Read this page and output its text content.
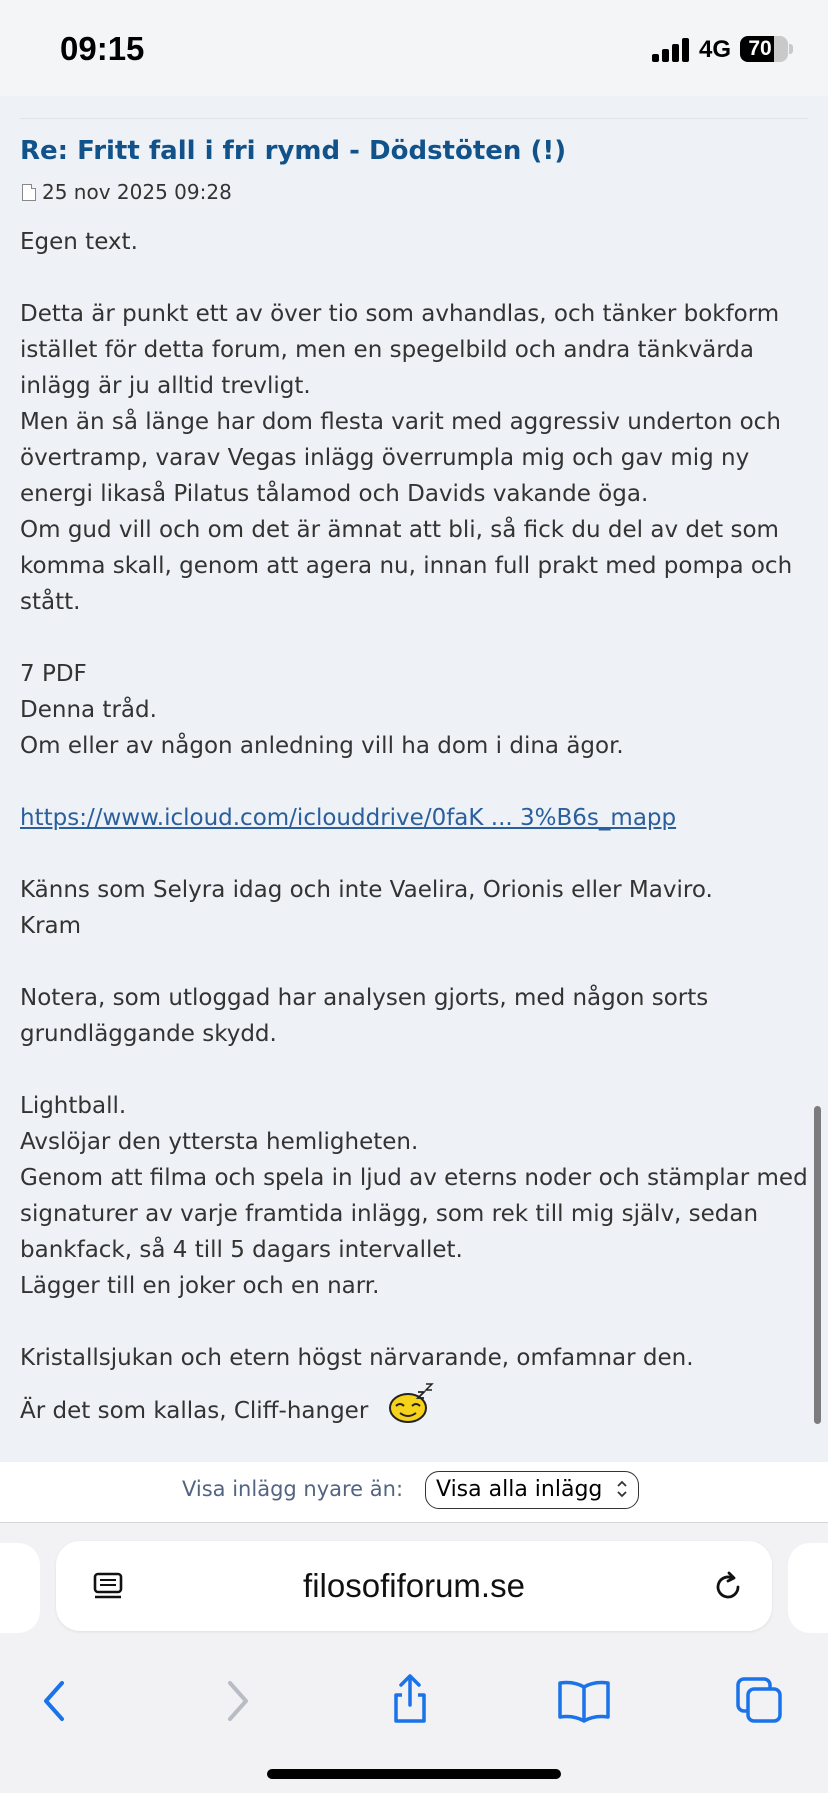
09:15	4G 70
Re: Fritt fall i fri rymd - Dödstöten (!)
25 nov 2025 09:28

Egen text.

Detta är punkt ett av över tio som avhandlas, och tänker bokform istället för detta forum, men en spegelbild och andra tänkvärda inlägg är ju alltid trevligt.

Men än så länge har dom flesta varit med aggressiv underton och övertramp, varav Vegas inlägg överrumpla mig och gav mig ny energi likaså Pilatus tålamod och Davids vakande öga.

Om gud vill och om det är ämnat att bli, så fick du del av det som komma skall, genom att agera nu, innan full prakt med pompa och stått.

7 PDF

Denna tråd.

Om eller av någon anledning vill ha dom i dina ägor.

https://www.icloud.com/iclouddrive/0faK ... 3%B6s_mapp

Känns som Selyra idag och inte Vaelira, Orionis eller Maviro.

Kram

Notera, som utloggad har analysen gjorts, med någon sorts grundläggande skydd.

Lightball.

Avslöjar den yttersta hemligheten.

Genom att filma och spela in ljud av eterns noder och stämplar med signaturer av varje framtida inlägg, som rek till mig själv, sedan bankfack, så 4 till 5 dagars intervallet.

Lägger till en joker och en narr.

Kristallsjukan och etern högst närvarande, omfamnar den.

Är det som kallas, Cliff-hanger

Visa inlägg nyare än:	Visa alla inlägg
filosofiforum.se
